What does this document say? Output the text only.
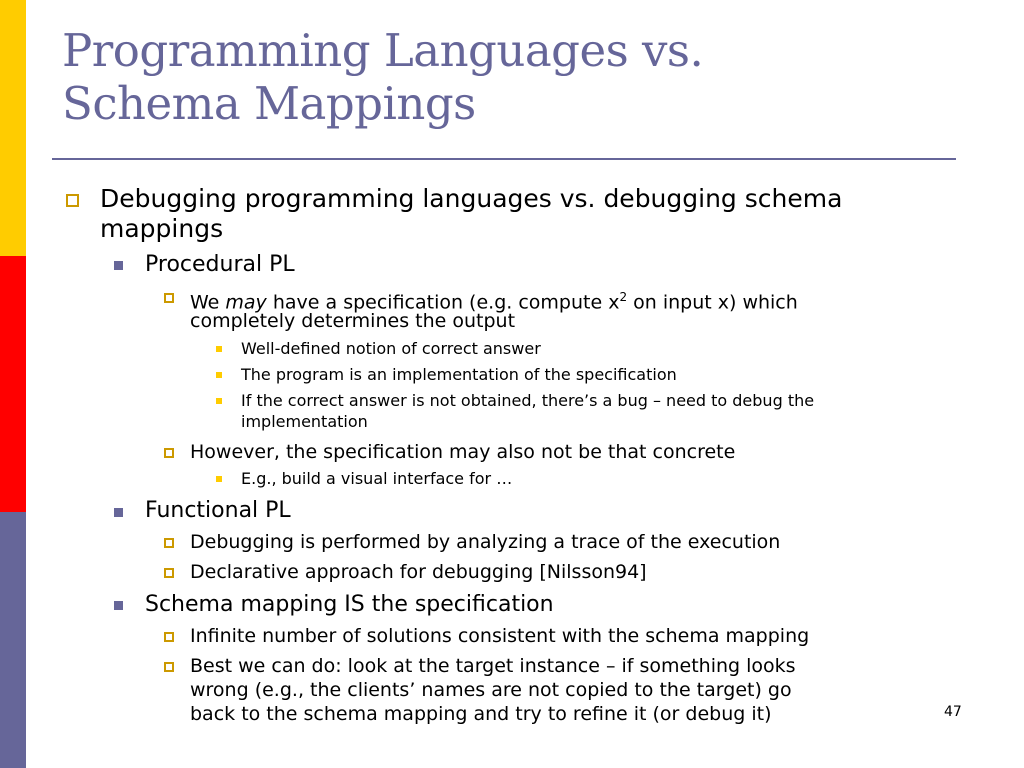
Programming Languages vs.
Schema Mappings
Debugging programming languages vs. debugging schema
mappings
Procedural PL
We may have a specification (e.g. compute $x^2$ on input x) which
completely determines the output
Well-defined notion of correct answer
The program is an implementation of the specification
If the correct answer is not obtained, there’s a bug – need to debug the
implementation
However, the specification may also not be that concrete
E.g., build a visual interface for …
Functional PL
Debugging is performed by analyzing a trace of the execution
Declarative approach for debugging [Nilsson94]
Schema mapping IS the specification
Infinite number of solutions consistent with the schema mapping
Best we can do: look at the target instance – if something looks
wrong (e.g., the clients’ names are not copied to the target) go
back to the schema mapping and try to refine it (or debug it)	47
